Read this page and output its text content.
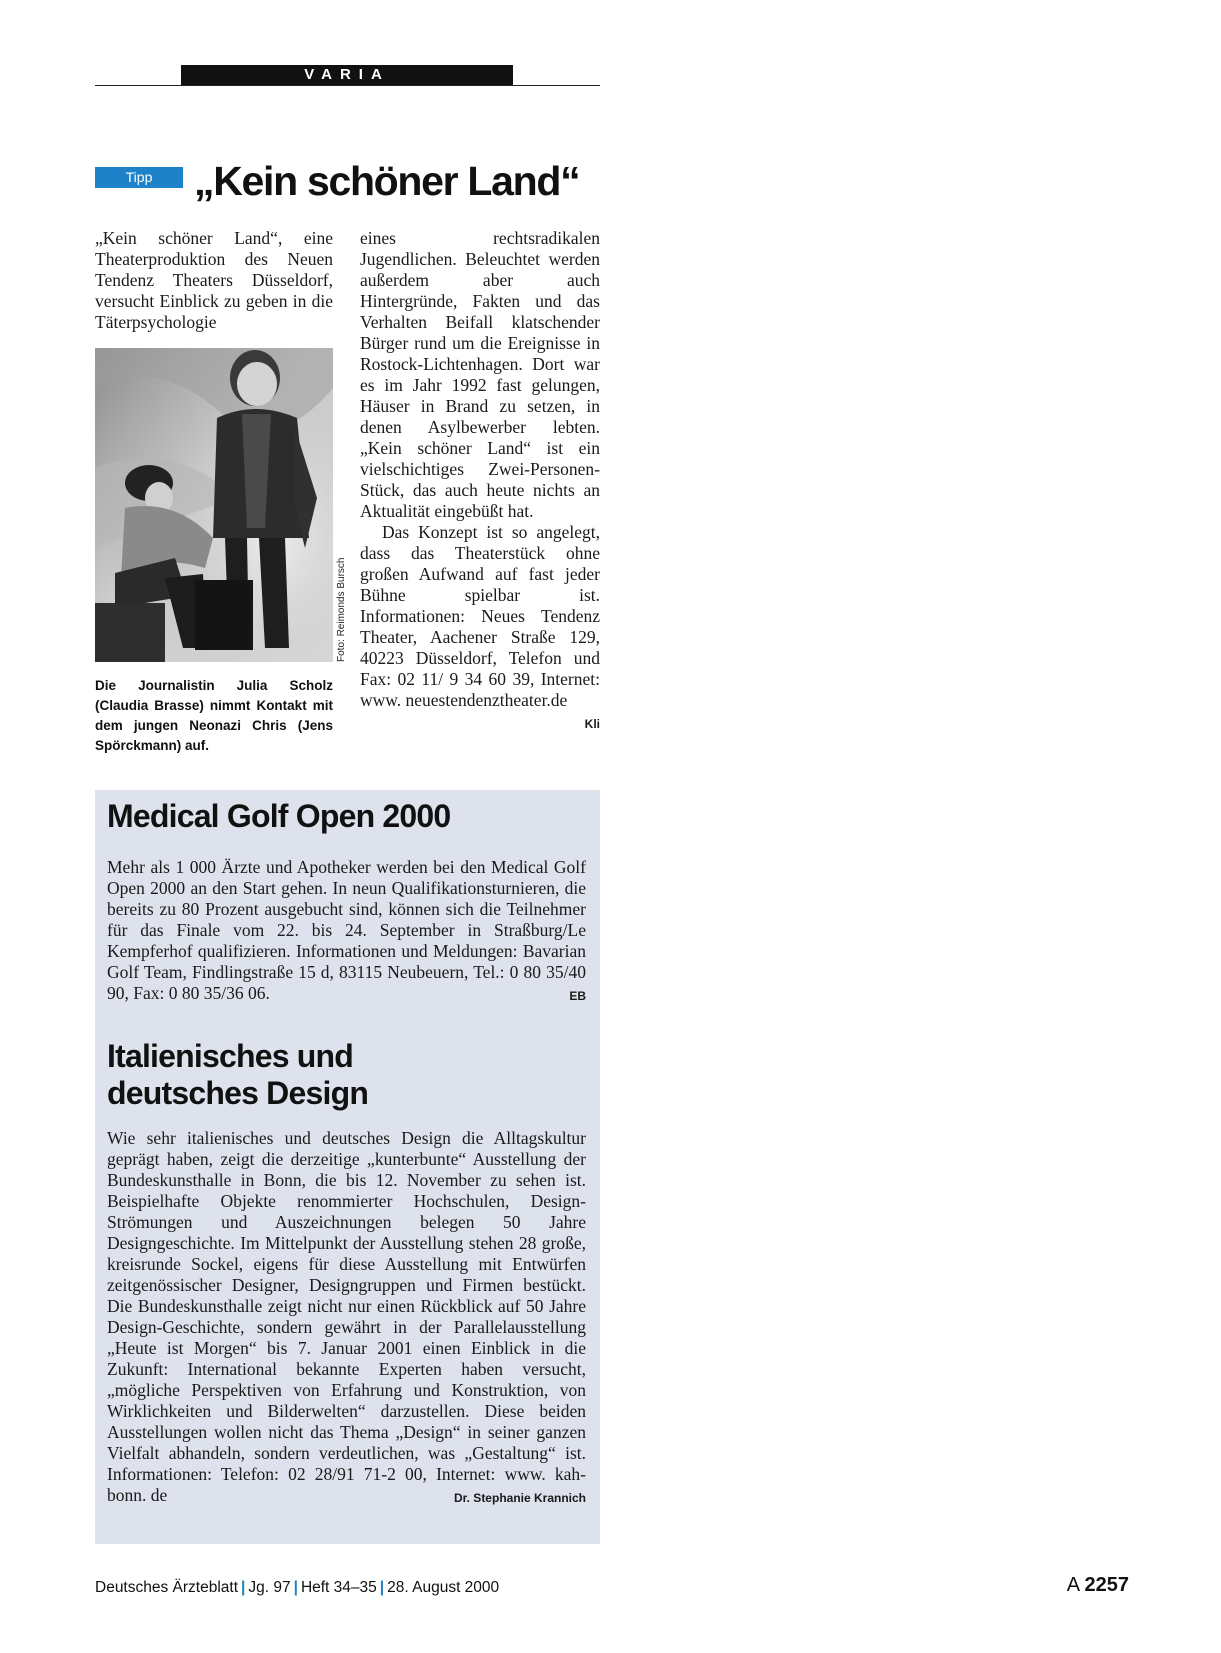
VARIA
Tipp	„Kein schöner Land“

„Kein schöner Land“, eine Theaterproduktion des Neuen Tendenz Theaters Düsseldorf, versucht Einblick zu geben in die Täterpsychologie

Foto: Reimonds Bursch
Die Journalistin Julia Scholz (Claudia Brasse) nimmt Kontakt mit dem jungen Neonazi Chris (Jens Spörckmann) auf.

eines rechtsradikalen Jugendlichen. Beleuchtet werden außerdem aber auch Hintergründe, Fakten und das Verhalten Beifall klatschender Bürger rund um die Ereignisse in Rostock-Lichtenhagen. Dort war es im Jahr 1992 fast gelungen, Häuser in Brand zu setzen, in denen Asylbewerber lebten. „Kein schöner Land“ ist ein vielschichtiges Zwei-Personen-Stück, das auch heute nichts an Aktualität eingebüßt hat.

Das Konzept ist so angelegt, dass das Theaterstück ohne großen Aufwand auf fast jeder Bühne spielbar ist. Informationen: Neues Tendenz Theater, Aachener Straße 129, 40223 Düsseldorf, Telefon und Fax: 02 11/ 9 34 60 39, Internet: www. neuestendenztheater.de
Kli

Medical Golf Open 2000

Mehr als 1 000 Ärzte und Apotheker werden bei den Medical Golf Open 2000 an den Start gehen. In neun Qualifikationsturnieren, die bereits zu 80 Prozent ausgebucht sind, können sich die Teilnehmer für das Finale vom 22. bis 24. September in Straßburg/Le Kempferhof qualifizieren. Informationen und Meldungen: Bavarian Golf Team, Findlingstraße 15 d, 83115 Neubeuern, Tel.: 0 80 35/40 90, Fax: 0 80 35/36 06.	EB

Italienisches und
deutsches Design

Wie sehr italienisches und deutsches Design die Alltagskultur geprägt haben, zeigt die derzeitige „kunterbunte“ Ausstellung der Bundeskunsthalle in Bonn, die bis 12. November zu sehen ist. Beispielhafte Objekte renommierter Hochschulen, Design-Strömungen und Auszeichnungen belegen 50 Jahre Designgeschichte. Im Mittelpunkt der Ausstellung stehen 28 große, kreisrunde Sockel, eigens für diese Ausstellung mit Entwürfen zeitgenössischer Designer, Designgruppen und Firmen bestückt. Die Bundeskunsthalle zeigt nicht nur einen Rückblick auf 50 Jahre Design-Geschichte, sondern gewährt in der Parallelausstellung „Heute ist Morgen“ bis 7. Januar 2001 einen Einblick in die Zukunft: International bekannte Experten haben versucht, „mögliche Perspektiven von Erfahrung und Konstruktion, von Wirklichkeiten und Bilderwelten“ darzustellen. Diese beiden Ausstellungen wollen nicht das Thema „Design“ in seiner ganzen Vielfalt abhandeln, sondern verdeutlichen, was „Gestaltung“ ist. Informationen: Telefon: 02 28/91 71-2 00, Internet: www. kah-bonn. de	Dr. Stephanie Krannich

Deutsches Ärzteblatt | Jg. 97 | Heft 34–35 | 28. August 2000	A 2257
